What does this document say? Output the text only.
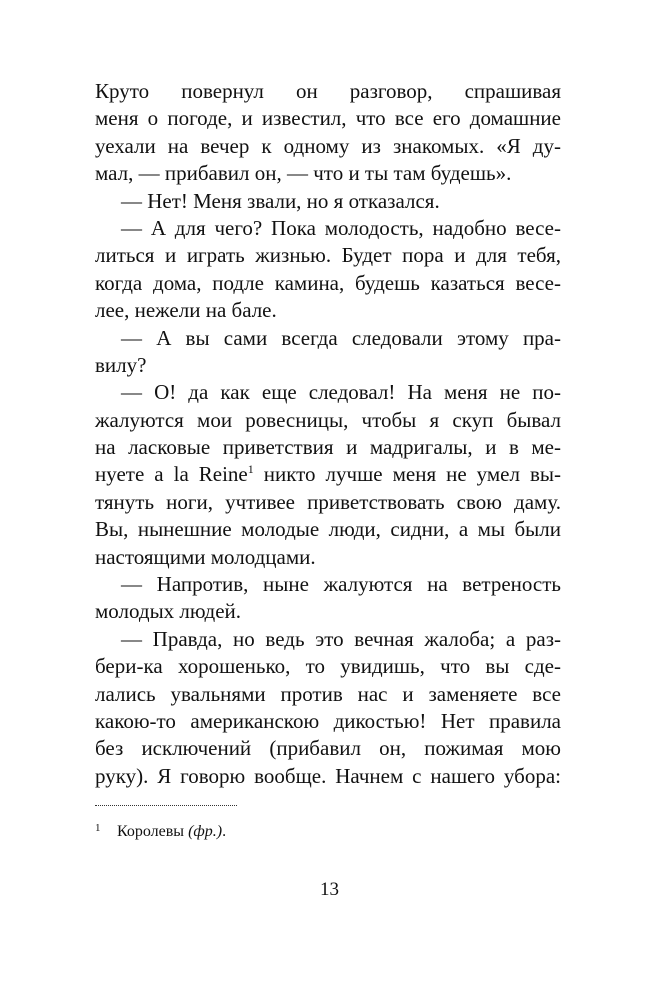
Круто повернул он разговор, спрашивая
меня о погоде, и известил, что все его домашние
уехали на вечер к одному из знакомых. «Я ду-
мал, — прибавил он, — что и ты там будешь».
— Нет! Меня звали, но я отказался.
— А для чего? Пока молодость, надобно весе-
литься и играть жизнью. Будет пора и для тебя,
когда дома, подле камина, будешь казаться весе-
лее, нежели на бале.
— А вы сами всегда следовали этому пра-
вилу?
— О! да как еще следовал! На меня не по-
жалуются мои ровесницы, чтобы я скуп бывал
на ласковые приветствия и мадригалы, и в ме-
нуете a la Reine$^1$ никто лучше меня не умел вы-
тянуть ноги, учтивее приветствовать свою даму.
Вы, нынешние молодые люди, сидни, а мы были
настоящими молодцами.
— Напротив, ныне жалуются на ветреность
молодых людей.
— Правда, но ведь это вечная жалоба; а раз-
бери-ка хорошенько, то увидишь, что вы сде-
лались увальнями против нас и заменяете все
какою-то американскою дикостью! Нет правила
без исключений (прибавил он, пожимая мою
руку). Я говорю вообще. Начнем с нашего убора:
1 Королевы (фр.).
13
